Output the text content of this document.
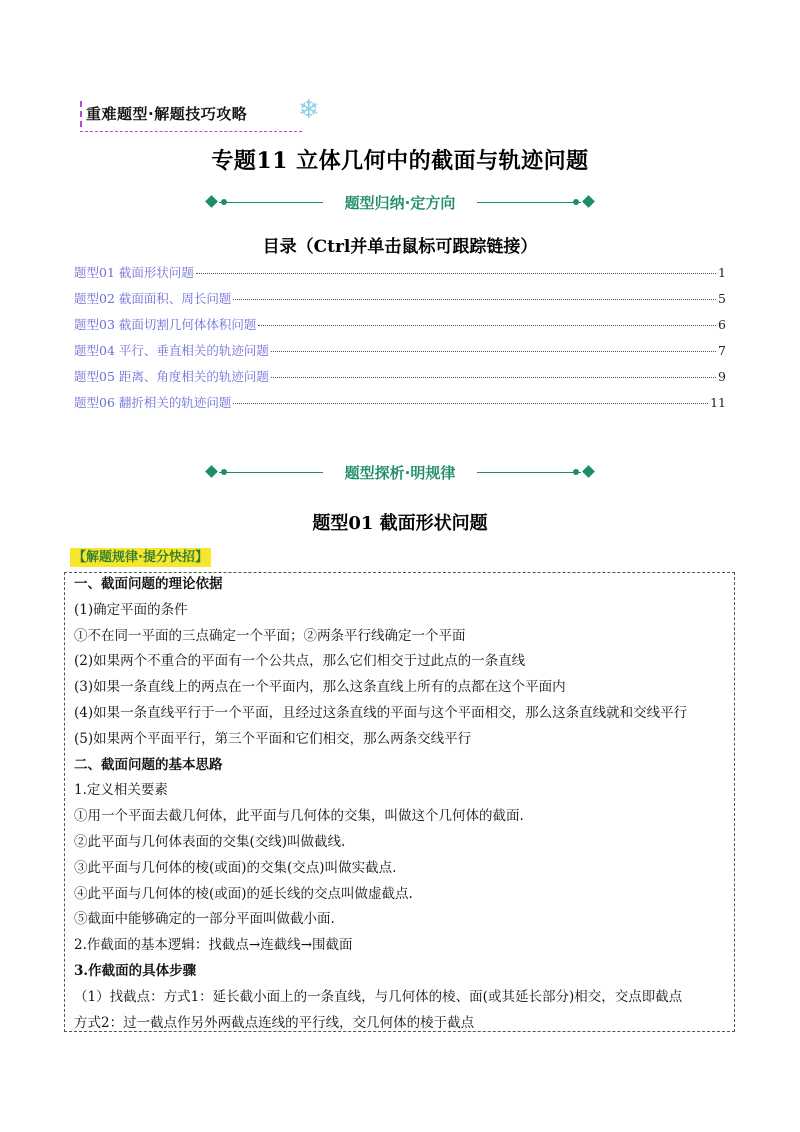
重难题型·解题技巧攻略 ❄
专题11 立体几何中的截面与轨迹问题
题型归纳·定方向
目录（Ctrl并单击鼠标可跟踪链接）
题型01 截面形状问题	1
题型02 截面面积、周长问题	5
题型03 截面切割几何体体积问题	6
题型04 平行、垂直相关的轨迹问题	7
题型05 距离、角度相关的轨迹问题	9
题型06 翻折相关的轨迹问题	11
题型探析·明规律
题型01 截面形状问题
【解题规律·提分快招】
一、截面问题的理论依据
(1)确定平面的条件
①不在同一平面的三点确定一个平面；②两条平行线确定一个平面
(2)如果两个不重合的平面有一个公共点，那么它们相交于过此点的一条直线
(3)如果一条直线上的两点在一个平面内，那么这条直线上所有的点都在这个平面内
(4)如果一条直线平行于一个平面，且经过这条直线的平面与这个平面相交，那么这条直线就和交线平行
(5)如果两个平面平行，第三个平面和它们相交，那么两条交线平行
二、截面问题的基本思路
1.定义相关要素
①用一个平面去截几何体，此平面与几何体的交集，叫做这个几何体的截面.
②此平面与几何体表面的交集(交线)叫做截线.
③此平面与几何体的棱(或面)的交集(交点)叫做实截点.
④此平面与几何体的棱(或面)的延长线的交点叫做虚截点.
⑤截面中能够确定的一部分平面叫做截小面.
2.作截面的基本逻辑：找截点→连截线→围截面
3.作截面的具体步骤
（1）找截点：方式1：延长截小面上的一条直线，与几何体的棱、面(或其延长部分)相交，交点即截点
方式2：过一截点作另外两截点连线的平行线，交几何体的棱于截点
